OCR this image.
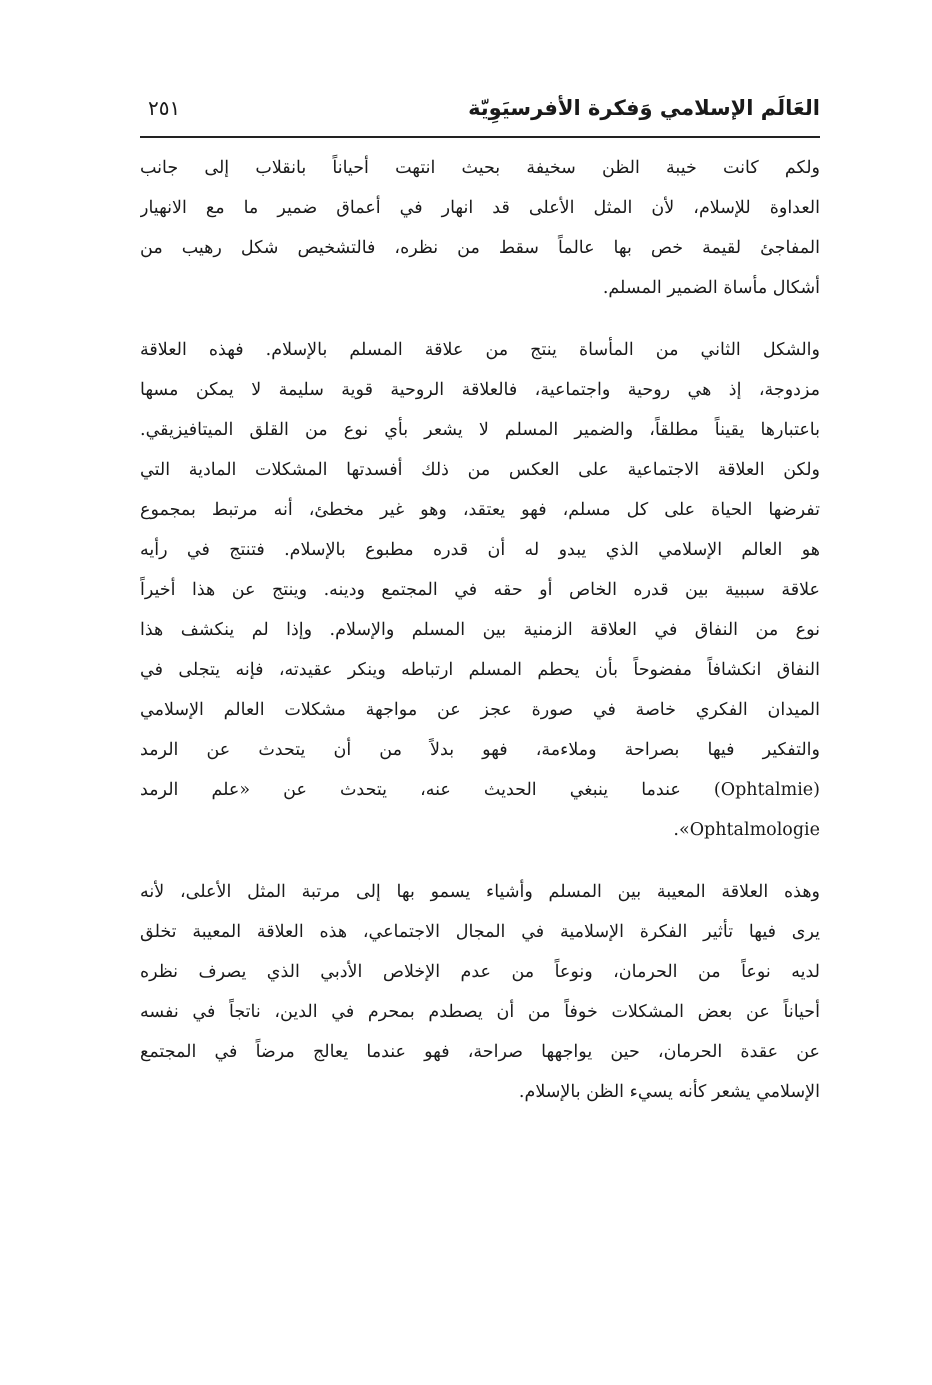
العَالَم الإسلامي وَفكرة الأفرسيَوِيّة
٢٥١
ولكم كانت خيبة الظن سخيفة بحيث انتهت أحياناً بانقلاب إلى جانب
العداوة للإسلام، لأن المثل الأعلى قد انهار في أعماق ضمير ما مع الانهيار
المفاجئ لقيمة خص بها عالماً سقط من نظره، فالتشخيص شكل رهيب من
أشكال مأساة الضمير المسلم.
والشكل الثاني من المأساة ينتج من علاقة المسلم بالإسلام. فهذه العلاقة
مزدوجة، إذ هي روحية واجتماعية، فالعلاقة الروحية قوية سليمة لا يمكن مسها
باعتبارها يقيناً مطلقاً، والضمير المسلم لا يشعر بأي نوع من القلق الميتافيزيقي.
ولكن العلاقة الاجتماعية على العكس من ذلك أفسدتها المشكلات المادية التي
تفرضها الحياة على كل مسلم، فهو يعتقد، وهو غير مخطئ، أنه مرتبط بمجموع
هو العالم الإسلامي الذي يبدو له أن قدره مطبوع بالإسلام. فتنتج في رأيه
علاقة سببية بين قدره الخاص أو حقه في المجتمع ودينه. وينتج عن هذا أخيراً
نوع من النفاق في العلاقة الزمنية بين المسلم والإسلام. وإذا لم ينكشف هذا
النفاق انكشافاً مفضوحاً بأن يحطم المسلم ارتباطه وينكر عقيدته، فإنه يتجلى في
الميدان الفكري خاصة في صورة عجز عن مواجهة مشكلات العالم الإسلامي
والتفكير فيها بصراحة وملاءمة، فهو بدلاً من أن يتحدث عن الرمد
(Ophtalmie) عندما ينبغي الحديث عنه، يتحدث عن «علم الرمد
Ophtalmologie».
وهذه العلاقة المعيبة بين المسلم وأشياء يسمو بها إلى مرتبة المثل الأعلى، لأنه
يرى فيها تأثير الفكرة الإسلامية في المجال الاجتماعي، هذه العلاقة المعيبة تخلق
لديه نوعاً من الحرمان، ونوعاً من عدم الإخلاص الأدبي الذي يصرف نظره
أحياناً عن بعض المشكلات خوفاً من أن يصطدم بمحرم في الدين، ناتجاً في نفسه
عن عقدة الحرمان، حين يواجهها صراحة، فهو عندما يعالج مرضاً في المجتمع
الإسلامي يشعر كأنه يسيء الظن بالإسلام.
